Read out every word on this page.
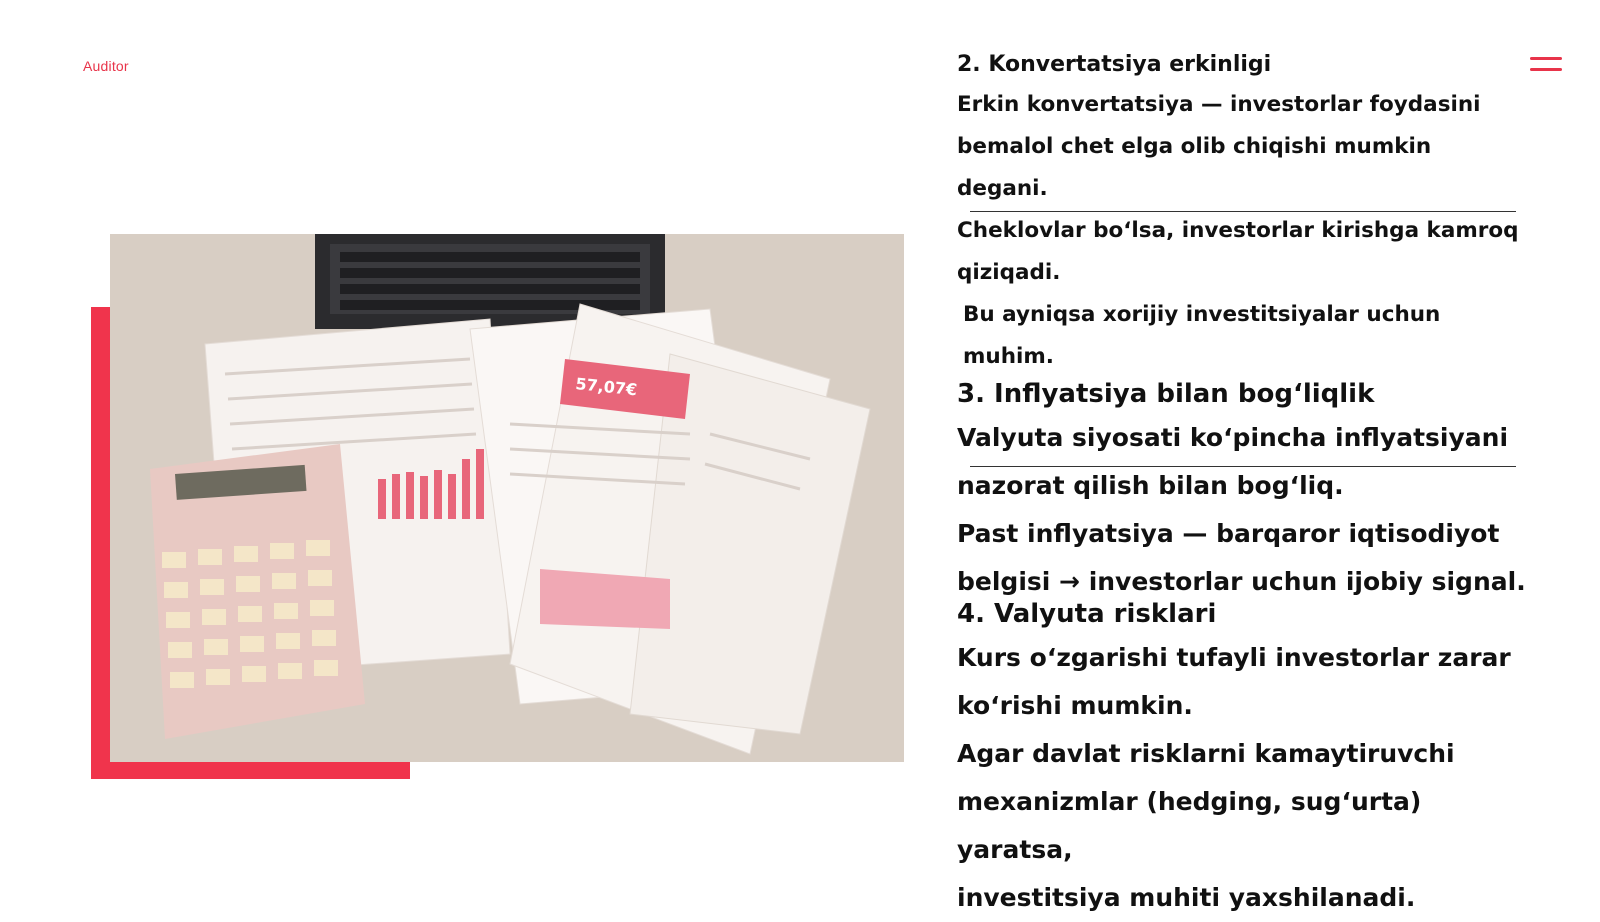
Auditor
57,07€

2. Konvertatsiya erkinligi

Erkin konvertatsiya — investorlar foydasini

bemalol chet elga olib chiqishi mumkin degani.

Cheklovlar bo‘lsa, investorlar kirishga kamroq

qiziqadi.

Bu ayniqsa xorijiy investitsiyalar uchun muhim.

3. Inflyatsiya bilan bog‘liqlik

Valyuta siyosati ko‘pincha inflyatsiyani

nazorat qilish bilan bog‘liq.

Past inflyatsiya — barqaror iqtisodiyot

belgisi → investorlar uchun ijobiy signal.

4. Valyuta risklari

Kurs o‘zgarishi tufayli investorlar zarar

ko‘rishi mumkin.

Agar davlat risklarni kamaytiruvchi

mexanizmlar (hedging, sug‘urta) yaratsa,

investitsiya muhiti yaxshilanadi.
